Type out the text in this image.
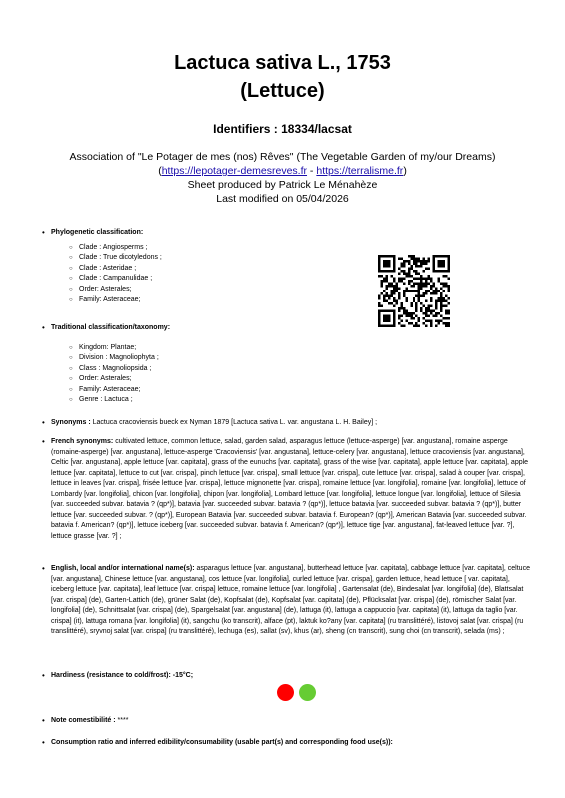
Lactuca sativa L., 1753
(Lettuce)
Identifiers : 18334/lacsat
Association of "Le Potager de mes (nos) Rêves" (The Vegetable Garden of my/our Dreams)
(https://lepotager-demesreves.fr - https://terralisme.fr)
Sheet produced by Patrick Le Ménahèze
Last modified on 05/04/2026
• Phylogenetic classification:
○ Clade : Angiosperms ;
○ Clade : True dicotyledons ;
○ Clade : Asteridae ;
○ Clade : Campanulidae ;
○ Order: Asterales;
○ Family: Asteraceae;
• Traditional classification/taxonomy:
○ Kingdom: Plantae;
○ Division : Magnoliophyta ;
○ Class : Magnoliopsida ;
○ Order: Asterales;
○ Family: Asteraceae;
○ Genre : Lactuca ;
• Synonyms : Lactuca cracoviensis bueck ex Nyman 1879 [Lactuca sativa L. var. angustana L. H. Bailey] ;
• French synonyms: cultivated lettuce, common lettuce, salad, garden salad, asparagus lettuce (lettuce-asperge) [var. angustana], romaine asperge (romaine-asperge) [var. angustana], lettuce-asperge 'Cracoviensis' [var. angustana], lettuce-celery [var. angustana], lettuce cracoviensis [var. angustana], Celtic [var. angustana], apple lettuce [var. capitata], grass of the eunuchs [var. capitata], grass of the wise [var. capitata], apple lettuce [var. capitata], apple lettuce [var. capitata], lettuce to cut [var. crispa], pinch lettuce [var. crispa], small lettuce [var. crispa], cute lettuce [var. crispa], salad à couper [var. crispa], lettuce in leaves [var. crispa], frisée lettuce [var. crispa], lettuce mignonette [var. crispa], romaine lettuce [var. longifolia], romaine [var. longifolia], lettuce of Lombardy [var. longifolia], chicon [var. longifolia], chipon [var. longifolia], Lombard lettuce [var. longifolia], lettuce longue [var. longifolia], lettuce of Silesia [var. succeeded subvar. batavia ? (qp*)], batavia [var. succeeded subvar. batavia ? (qp*)], lettuce batavia [var. succeeded subvar. batavia ? (qp*)], butter lettuce [var. succeeded subvar. ? (qp*)], European Batavia [var. succeeded subvar. batavia f. European? (qp*)], American Batavia [var. succeeded subvar. batavia f. American? (qp*)], lettuce iceberg [var. succeeded subvar. batavia f. American? (qp*)], lettuce tige [var. angustana], fat-leaved lettuce [var. ?], lettuce grasse [var. ?] ;
• English, local and/or international name(s): asparagus lettuce [var. angustana], butterhead lettuce [var. capitata], cabbage lettuce [var. capitata], celtuce [var. angustana], Chinese lettuce [var. angustana], cos lettuce [var. longifolia], curled lettuce [var. crispa], garden lettuce, head lettuce [ var. capitata], iceberg lettuce [var. capitata], leaf lettuce [var. crispa] lettuce, romaine lettuce [var. longifolia] , Gartensalat (de), Bindesalat [var. longifolia] (de), Blattsalat [var. crispa] (de), Garten-Lattich (de), grüner Salat (de), Kopfsalat (de), Kopfsalat [var. capitata] (de), Pflücksalat [var. crispa] (de), römischer Salat [var. longifolia] (de), Schnittsalat [var. crispa] (de), Spargelsalat [var. angustana] (de), lattuga (it), lattuga a cappuccio [var. capitata] (it), lattuga da taglio [var. crispa] (it), lattuga romana [var. longifolia] (it), sangchu (ko transcrit), alface (pt), laktuk ko?any [var. capitata] (ru translittéré), listovoj salat [var. crispa] (ru translittéré), sryvnoj salat [var. crispa] (ru translittéré), lechuga (es), sallat (sv), khus (ar), sheng (cn transcrit), sung choi (cn transcrit), selada (ms) ;
• Hardiness (resistance to cold/frost): -15°C;
• Note comestibilité : ****
• Consumption ratio and inferred edibility/consumability (usable part(s) and corresponding food use(s)):
